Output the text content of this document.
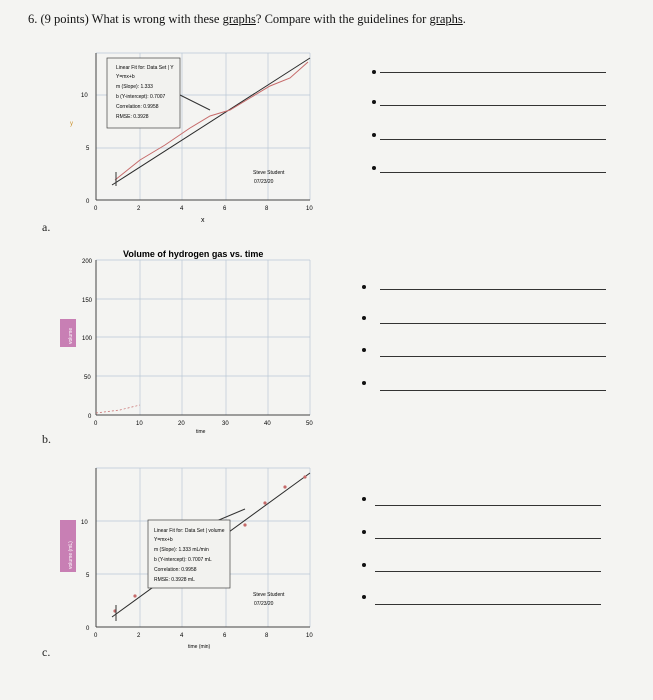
6. (9 points) What is wrong with these graphs? Compare with the guidelines for graphs.
a.
b.
c.
Linear Fit for: Data Set | Y
Y=mx+b
m (Slope): 1.333
b (Y-intercept): 0.7007
Correlation: 0.9958
RMSE: 0.3928
0
5
10
0	2	4	6	8	10
x
y
Steve Student
07/23/20
Volume of hydrogen gas vs. time
0
50
100
150
200
0	10	20	30	40	50
time
volume
Linear Fit for: Data Set | volume
Y=mx+b
m (Slope): 1.333 mL/min
b (Y-intercept): 0.7007 mL
Correlation: 0.9958
RMSE: 0.3928 mL
0
5
10
0	2	4	6	8	10
time (min)
volume (mL)
Steve Student
07/23/20
